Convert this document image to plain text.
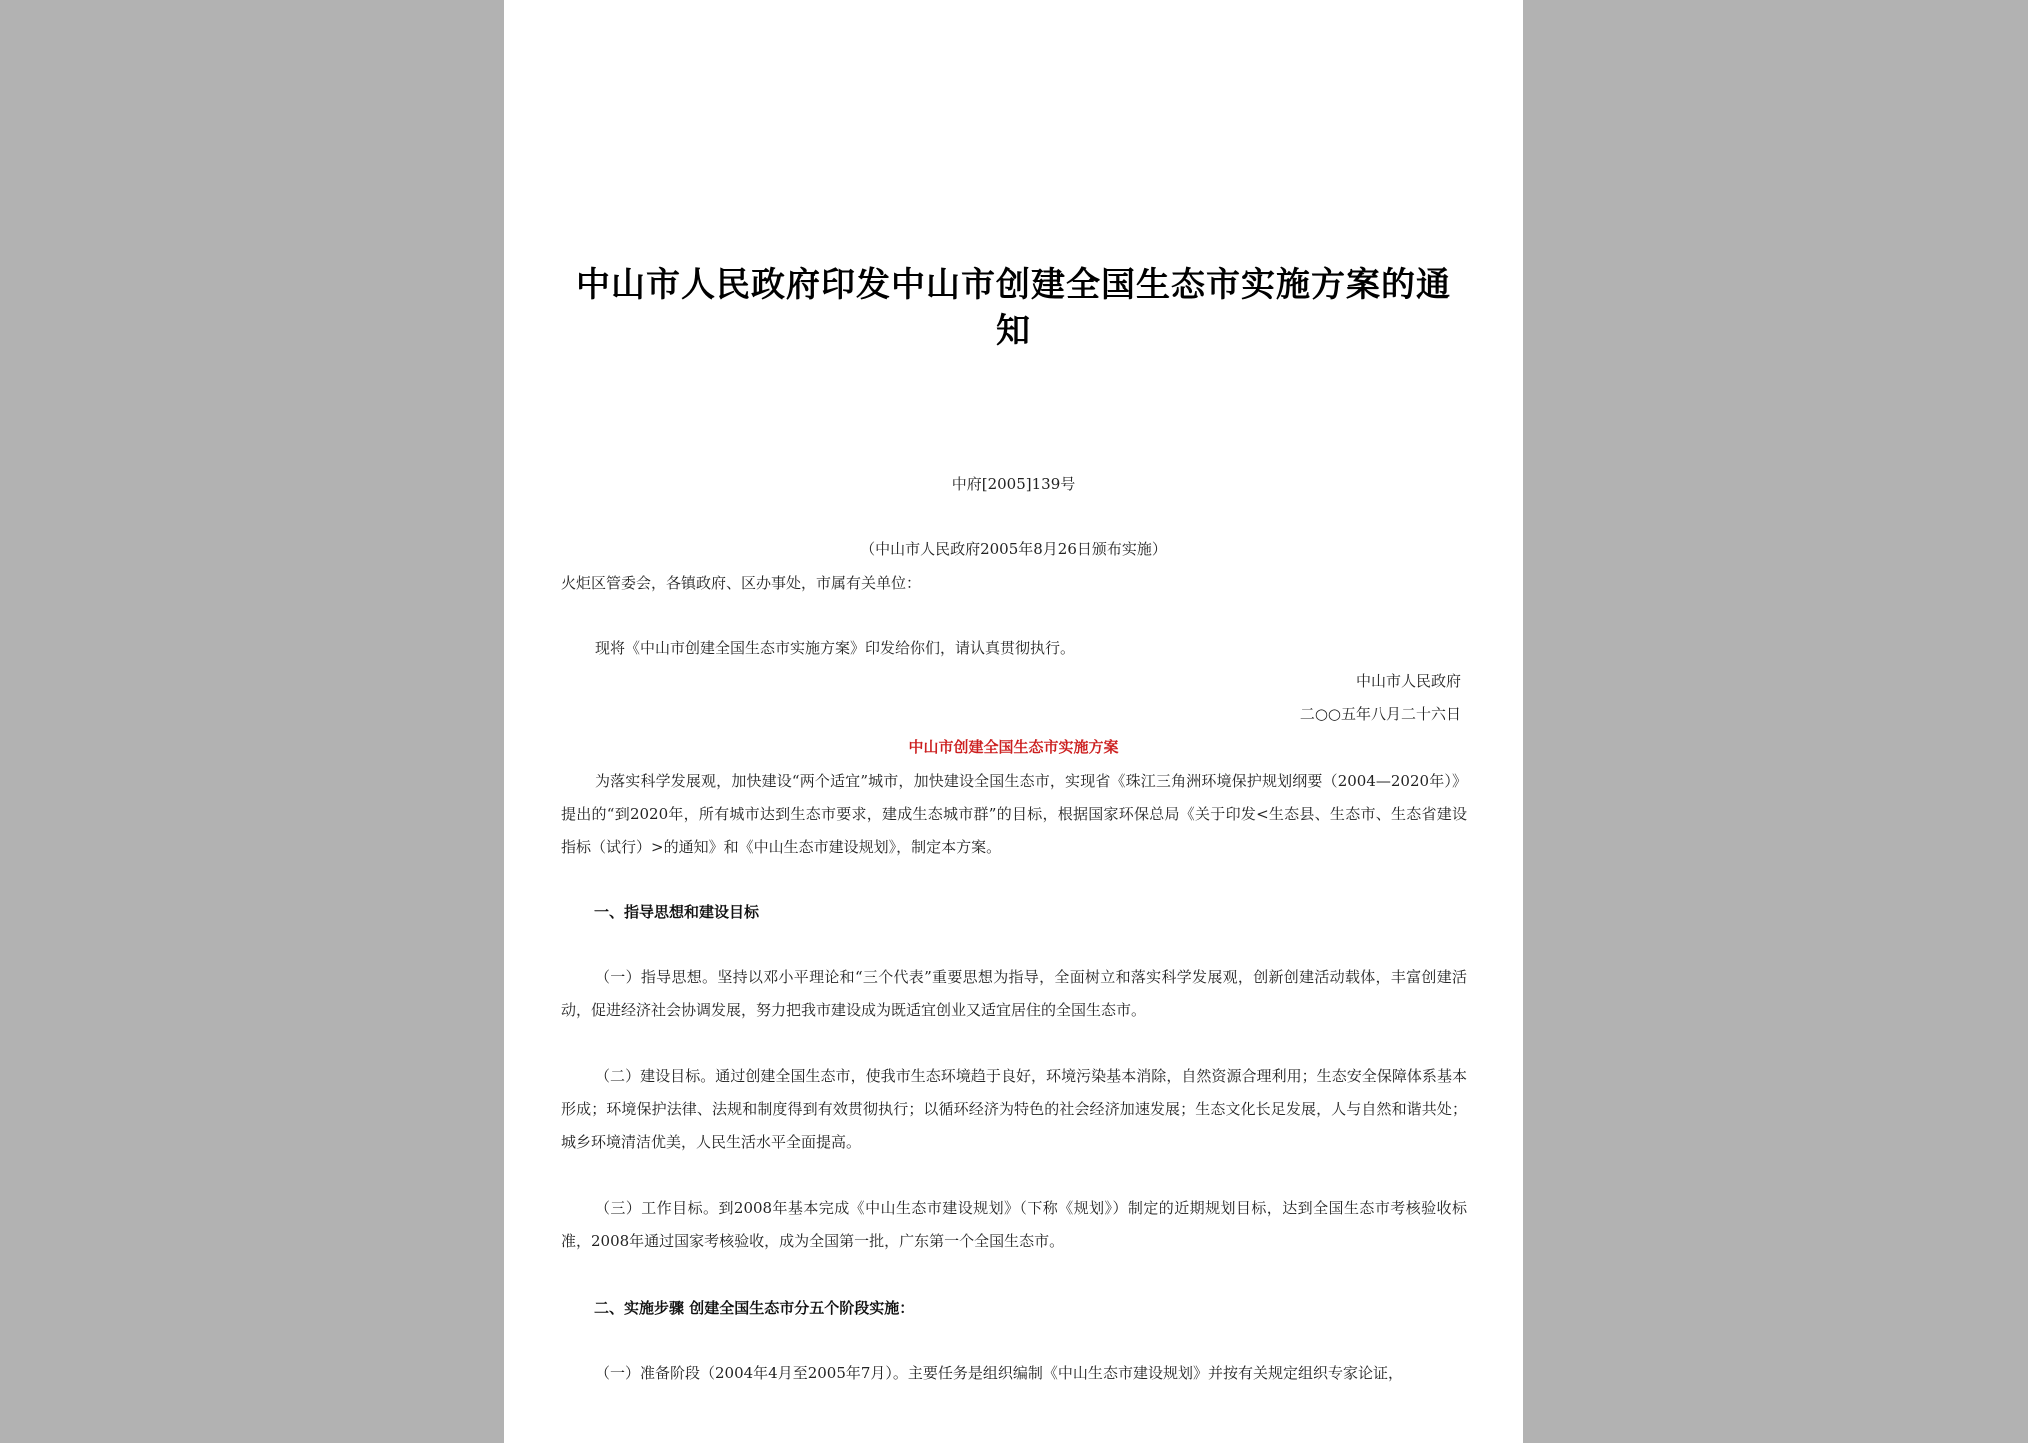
中山市人民政府印发中山市创建全国生态市实施方案的通知
中府[2005]139号
（中山市人民政府2005年8月26日颁布实施）
火炬区管委会，各镇政府、区办事处，市属有关单位：
现将《中山市创建全国生态市实施方案》印发给你们，请认真贯彻执行。
中山市人民政府
二○○五年八月二十六日
中山市创建全国生态市实施方案

为落实科学发展观，加快建设“两个适宜”城市，加快建设全国生态市，实现省《珠江三角洲环境保护规划纲要（2004—2020年）》提出的“到2020年，所有城市达到生态市要求，建成生态城市群”的目标，根据国家环保总局《关于印发<生态县、生态市、生态省建设指标（试行）>的通知》和《中山生态市建设规划》，制定本方案。

一、指导思想和建设目标

（一）指导思想。坚持以邓小平理论和“三个代表”重要思想为指导，全面树立和落实科学发展观，创新创建活动载体，丰富创建活动，促进经济社会协调发展，努力把我市建设成为既适宜创业又适宜居住的全国生态市。

（二）建设目标。通过创建全国生态市，使我市生态环境趋于良好，环境污染基本消除，自然资源合理利用；生态安全保障体系基本形成；环境保护法律、法规和制度得到有效贯彻执行；以循环经济为特色的社会经济加速发展；生态文化长足发展，人与自然和谐共处；城乡环境清洁优美，人民生活水平全面提高。

（三）工作目标。到2008年基本完成《中山生态市建设规划》（下称《规划》）制定的近期规划目标，达到全国生态市考核验收标准，2008年通过国家考核验收，成为全国第一批，广东第一个全国生态市。

二、实施步骤 创建全国生态市分五个阶段实施：

（一）准备阶段（2004年4月至2005年7月）。主要任务是组织编制《中山生态市建设规划》并按有关规定组织专家论证，
